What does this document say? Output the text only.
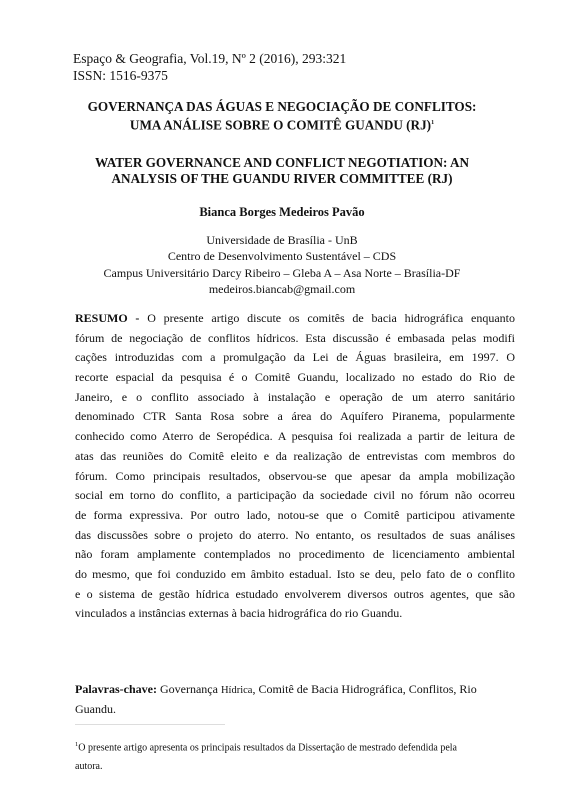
Espaço & Geografia, Vol.19, Nº 2 (2016), 293:321
ISSN: 1516-9375
GOVERNANÇA DAS ÁGUAS E NEGOCIAÇÃO DE CONFLITOS:
UMA ANÁLISE SOBRE O COMITÊ GUANDU (RJ)$^1$
WATER GOVERNANCE AND CONFLICT NEGOTIATION: AN
ANALYSIS OF THE GUANDU RIVER COMMITTEE (RJ)
Bianca Borges Medeiros Pavão
Universidade de Brasília - UnB
Centro de Desenvolvimento Sustentável – CDS
Campus Universitário Darcy Ribeiro – Gleba A – Asa Norte – Brasília-DF
medeiros.biancab@gmail.com
RESUMO - O presente artigo discute os comitês de bacia hidrográfica enquanto
fórum de negociação de conflitos hídricos. Esta discussão é embasada pelas modifi
cações introduzidas com a promulgação da Lei de Águas brasileira, em 1997. O
recorte espacial da pesquisa é o Comitê Guandu, localizado no estado do Rio de
Janeiro, e o conflito associado à instalação e operação de um aterro sanitário
denominado CTR Santa Rosa sobre a área do Aquífero Piranema, popularmente
conhecido como Aterro de Seropédica. A pesquisa foi realizada a partir de leitura de
atas das reuniões do Comitê eleito e da realização de entrevistas com membros do
fórum. Como principais resultados, observou-se que apesar da ampla mobilização
social em torno do conflito, a participação da sociedade civil no fórum não ocorreu
de forma expressiva. Por outro lado, notou-se que o Comitê participou ativamente
das discussões sobre o projeto do aterro. No entanto, os resultados de suas análises
não foram amplamente contemplados no procedimento de licenciamento ambiental
do mesmo, que foi conduzido em âmbito estadual. Isto se deu, pelo fato de o conflito
e o sistema de gestão hídrica estudado envolverem diversos outros agentes, que são
vinculados a instâncias externas à bacia hidrográfica do rio Guandu.
Palavras-chave: Governança Hídrica, Comitê de Bacia Hidrográfica, Conflitos, Rio
Guandu.
$^1$O presente artigo apresenta os principais resultados da Dissertação de mestrado defendida pela
autora.
